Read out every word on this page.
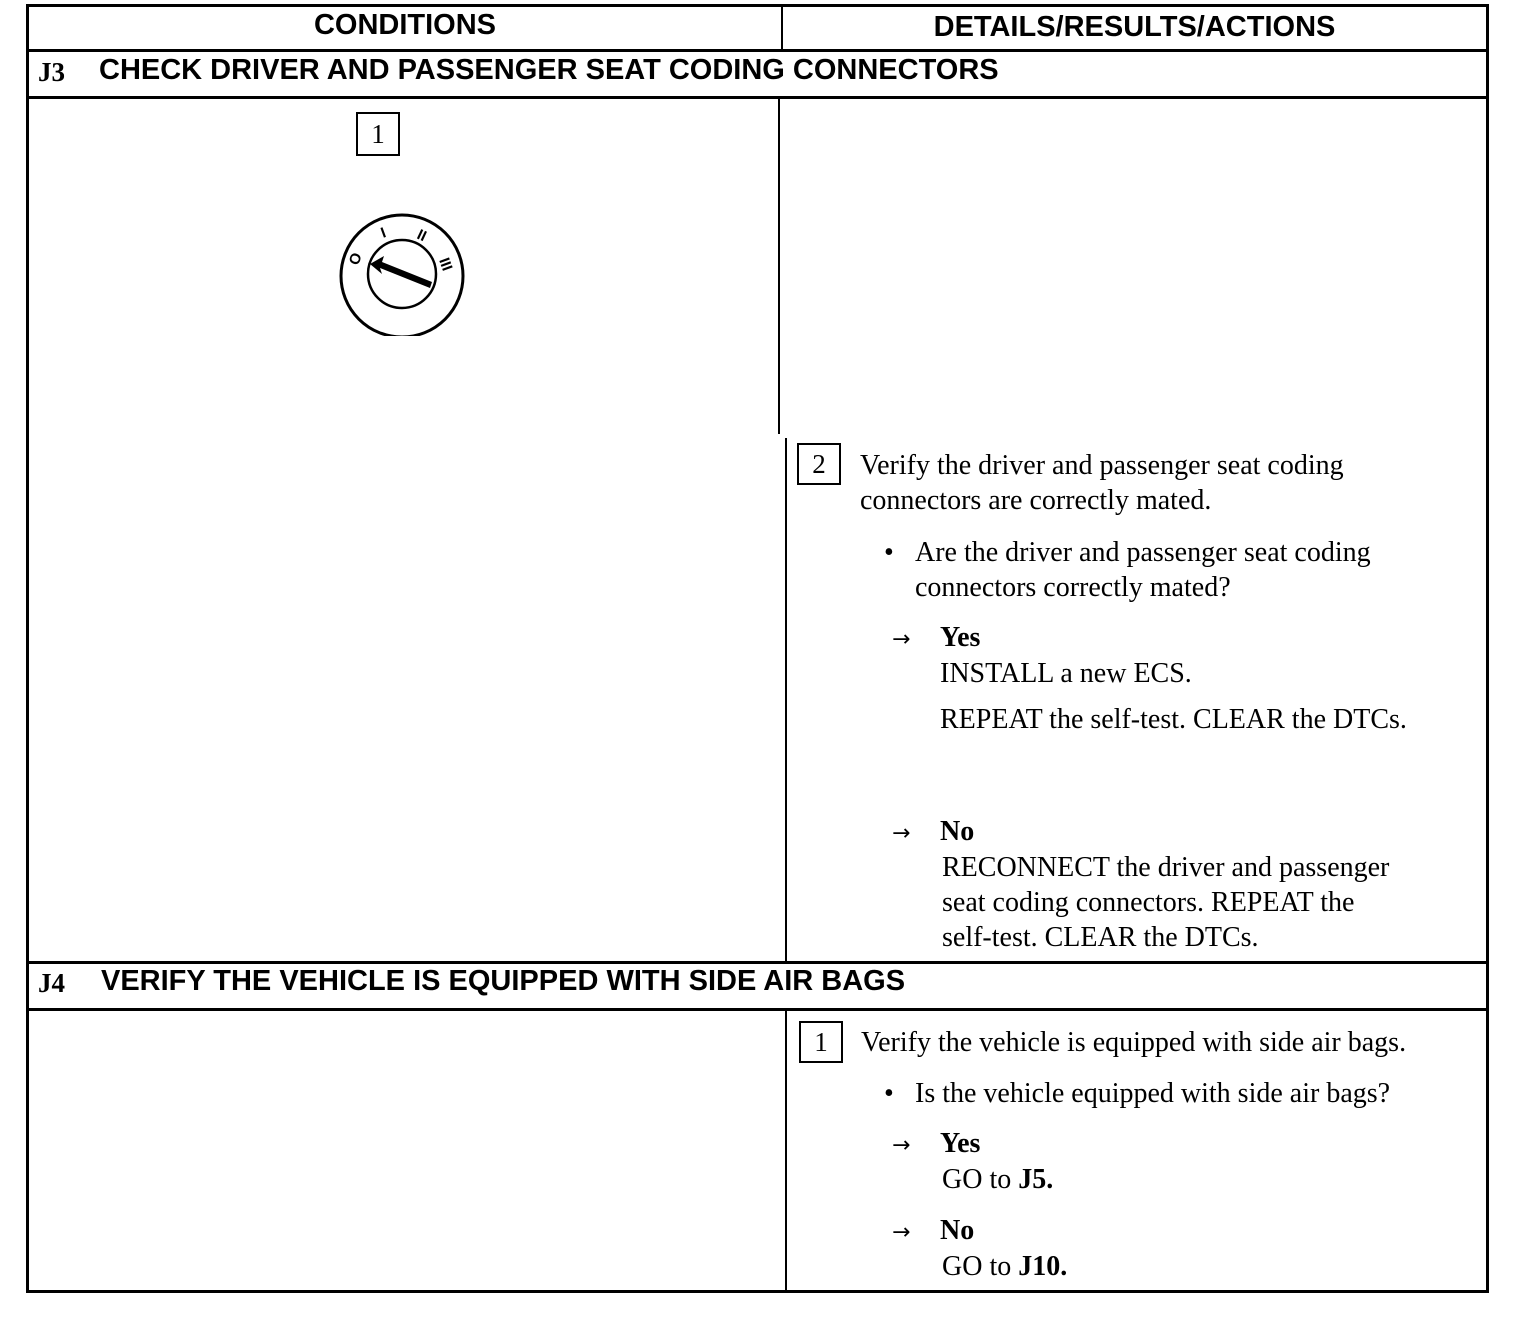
CONDITIONS	DETAILS/RESULTS/ACTIONS
J3 CHECK DRIVER AND PASSENGER SEAT CODING CONNECTORS
1
O
I II
III
2	Verify the driver and passenger seat coding
connectors are correctly mated.
• Are the driver and passenger seat coding
connectors correctly mated?
→ Yes
INSTALL a new ECS.
REPEAT the self-test. CLEAR the DTCs.
→ No
RECONNECT the driver and passenger
seat coding connectors. REPEAT the
self-test. CLEAR the DTCs.
J4 VERIFY THE VEHICLE IS EQUIPPED WITH SIDE AIR BAGS
1	Verify the vehicle is equipped with side air bags.
• Is the vehicle equipped with side air bags?
→ Yes
GO to J5.
→ No
GO to J10.
